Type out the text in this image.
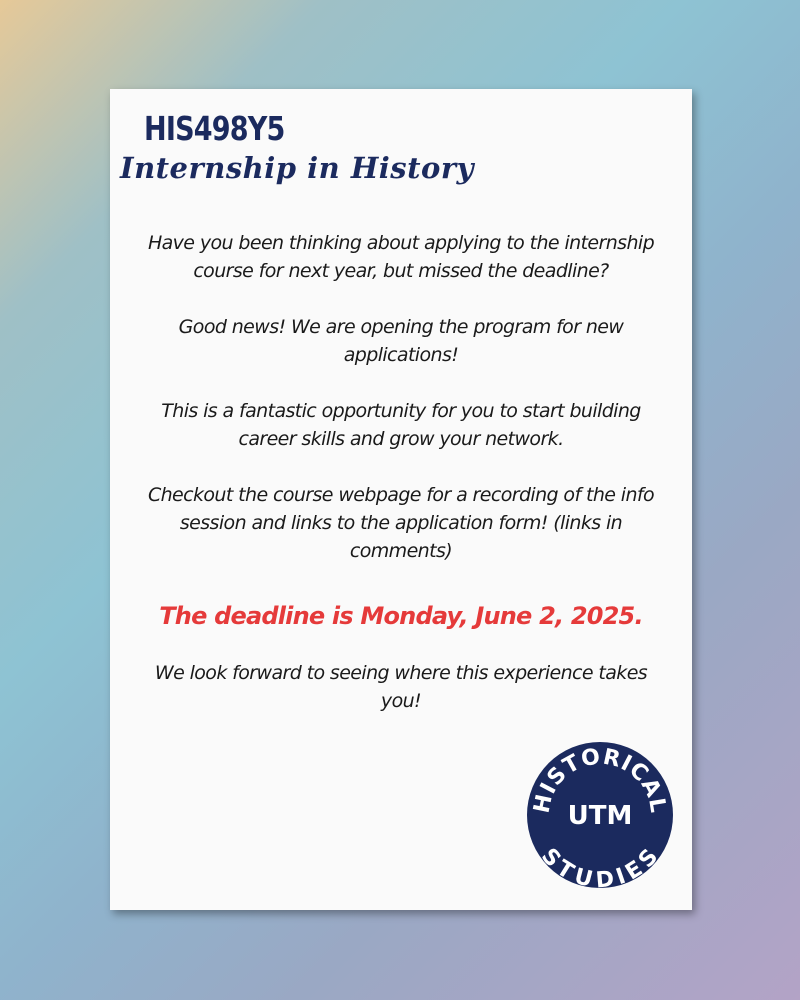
HIS498Y5
Internship in History

Have you been thinking about applying to the internship course for next year, but missed the deadline?

Good news! We are opening the program for new applications!

This is a fantastic opportunity for you to start building career skills and grow your network.

Checkout the course webpage for a recording of the info session and links to the application form! (links in comments)

The deadline is Monday, June 2, 2025.

We look forward to seeing where this experience takes you!

HISTORICAL
UTM
STUDIES
